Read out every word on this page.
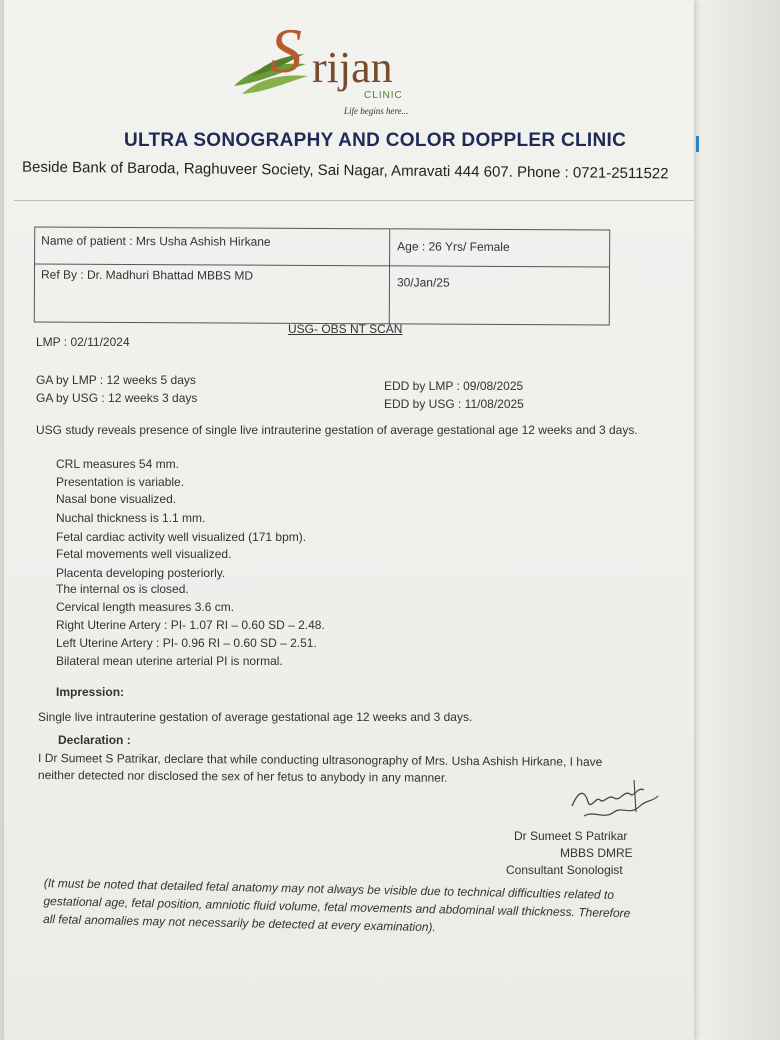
S rijan
CLINIC
Life begins here...
ULTRA SONOGRAPHY AND COLOR DOPPLER CLINIC
Beside Bank of Baroda, Raghuveer Society, Sai Nagar, Amravati 444 607. Phone : 0721-2511522
Name of patient : Mrs Usha Ashish Hirkane	Age : 26 Yrs/ Female
Ref By : Dr. Madhuri Bhattad MBBS MD	30/Jan/25
USG- OBS NT SCAN
LMP : 02/11/2024
GA by LMP : 12 weeks 5 days
GA by USG : 12 weeks 3 days
EDD by LMP : 09/08/2025
EDD by USG : 11/08/2025
USG study reveals presence of single live intrauterine gestation of average gestational age 12 weeks and 3 days.
CRL measures 54 mm.
Presentation is variable.
Nasal bone visualized.
Nuchal thickness is 1.1 mm.
Fetal cardiac activity well visualized (171 bpm).
Fetal movements well visualized.
Placenta developing posteriorly.
The internal os is closed.
Cervical length measures 3.6 cm.
Right Uterine Artery : PI- 1.07 RI – 0.60 SD – 2.48.
Left Uterine Artery : PI- 0.96 RI – 0.60 SD – 2.51.
Bilateral mean uterine arterial PI is normal.
Impression:
Single live intrauterine gestation of average gestational age 12 weeks and 3 days.
Declaration :
I Dr Sumeet S Patrikar, declare that while conducting ultrasonography of Mrs. Usha Ashish Hirkane, I have neither detected nor disclosed the sex of her fetus to anybody in any manner.
Dr Sumeet S Patrikar
MBBS DMRE
Consultant Sonologist
(It must be noted that detailed fetal anatomy may not always be visible due to technical difficulties related to gestational age, fetal position, amniotic fluid volume, fetal movements and abdominal wall thickness. Therefore all fetal anomalies may not necessarily be detected at every examination).
